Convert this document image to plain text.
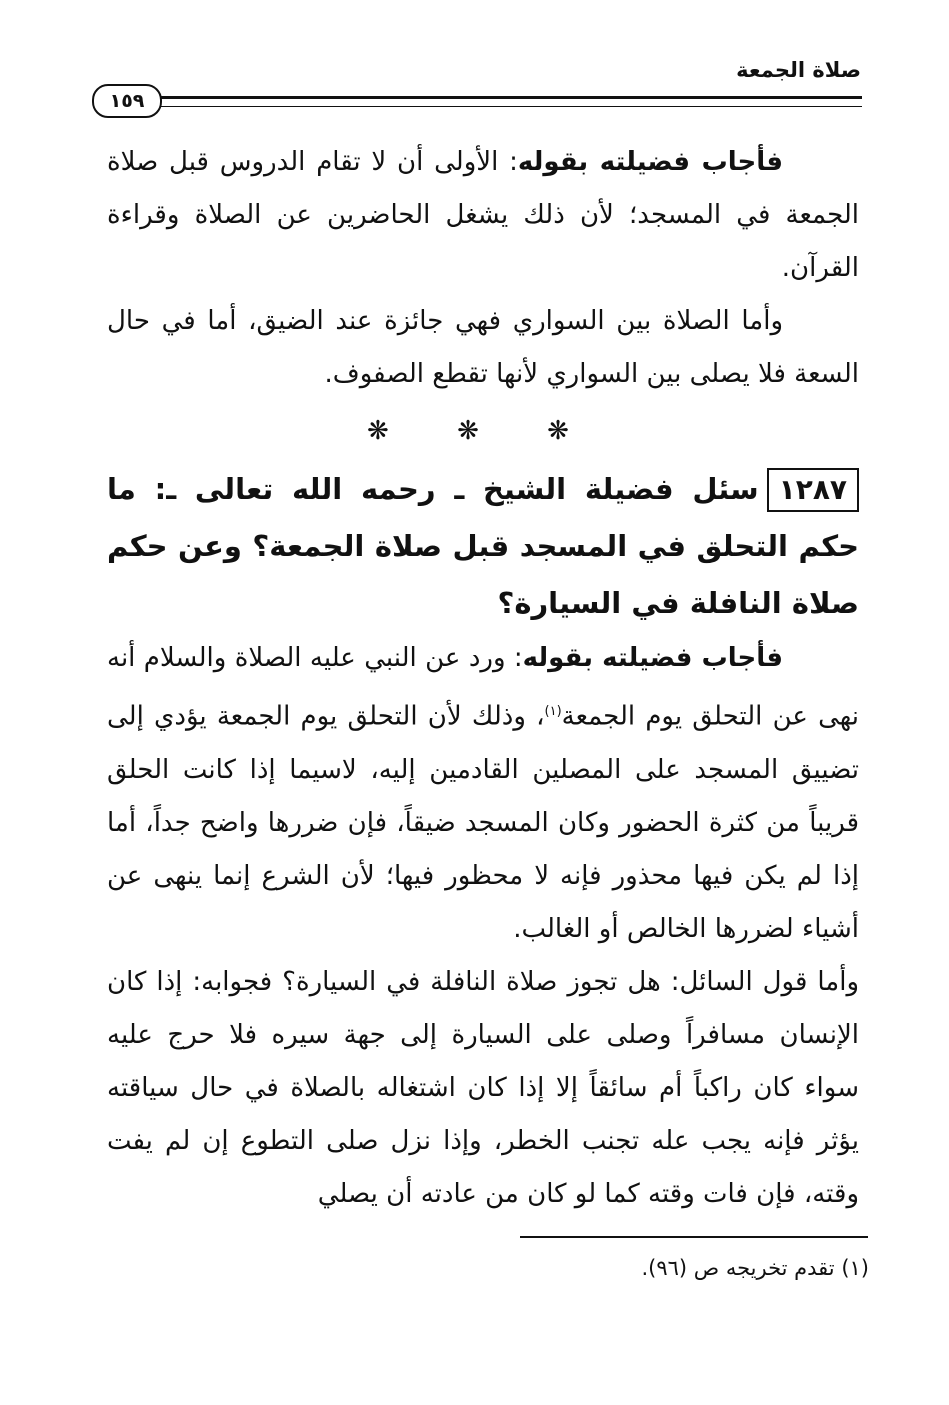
صلاة الجمعة
١٥٩

فأجاب فضيلته بقوله: الأولى أن لا تقام الدروس قبل صلاة الجمعة في المسجد؛ لأن ذلك يشغل الحاضرين عن الصلاة وقراءة القرآن.

وأما الصلاة بين السواري فهي جائزة عند الضيق، أما في حال السعة فلا يصلى بين السواري لأنها تقطع الصفوف.

❋ ❋ ❋

١٢٨٧سئل فضيلة الشيخ ـ رحمه الله تعالى ـ: ما حكم التحلق في المسجد قبل صلاة الجمعة؟ وعن حكم صلاة النافلة في السيارة؟

فأجاب فضيلته بقوله: ورد عن النبي عليه الصلاة والسلام أنه نهى عن التحلق يوم الجمعة$^{(١)}$، وذلك لأن التحلق يوم الجمعة يؤدي إلى تضييق المسجد على المصلين القادمين إليه، لاسيما إذا كانت الحلق قريباً من كثرة الحضور وكان المسجد ضيقاً، فإن ضررها واضح جداً، أما إذا لم يكن فيها محذور فإنه لا محظور فيها؛ لأن الشرع إنما ينهى عن أشياء لضررها الخالص أو الغالب.

وأما قول السائل: هل تجوز صلاة النافلة في السيارة؟ فجوابه: إذا كان الإنسان مسافراً وصلى على السيارة إلى جهة سيره فلا حرج عليه سواء كان راكباً أم سائقاً إلا إذا كان اشتغاله بالصلاة في حال سياقته يؤثر فإنه يجب عله تجنب الخطر، وإذا نزل صلى التطوع إن لم يفت وقته، فإن فات وقته كما لو كان من عادته أن يصلي

(١) تقدم تخريجه ص (٩٦).
